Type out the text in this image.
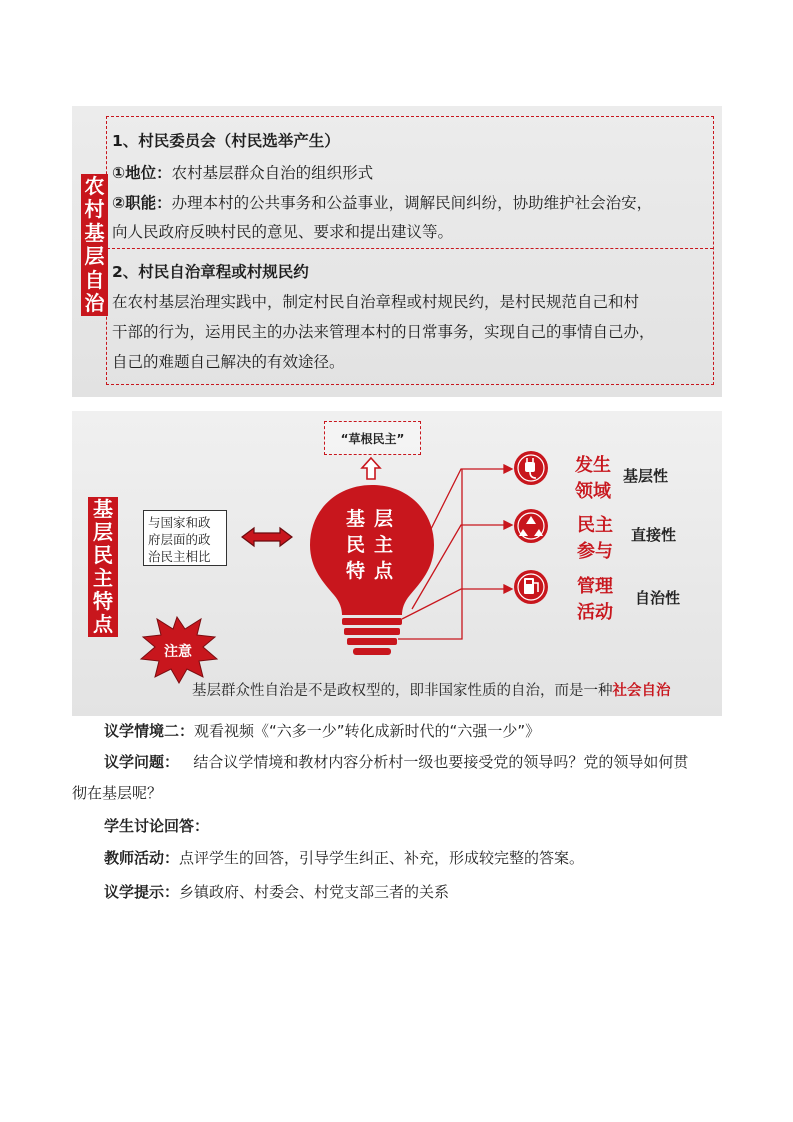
农
村
基
层
自
治
1、村民委员会（村民选举产生）
①地位：农村基层群众自治的组织形式
②职能：办理本村的公共事务和公益事业，调解民间纠纷，协助维护社会治安，
向人民政府反映村民的意见、要求和提出建议等。
2、村民自治章程或村规民约
在农村基层治理实践中，制定村民自治章程或村规民约，是村民规范自己和村
干部的行为，运用民主的办法来管理本村的日常事务，实现自己的事情自己办，
自己的难题自己解决的有效途径。
基
层
民
主
特
点
与国家和政府层面的政治民主相比
“草根民主”
基 层
民 主
特 点
发生
领域
基层性
民主
参与
直接性
管理
活动
自治性
注意
基层群众性自治是不是政权型的，即非国家性质的自治，而是一种社会自治
议学情境二：观看视频《“六多一少”转化成新时代的“六强一少”》
议学问题： 结合议学情境和教材内容分析村一级也要接受党的领导吗？党的领导如何贯
彻在基层呢？
学生讨论回答：
教师活动：点评学生的回答，引导学生纠正、补充，形成较完整的答案。
议学提示：乡镇政府、村委会、村党支部三者的关系
